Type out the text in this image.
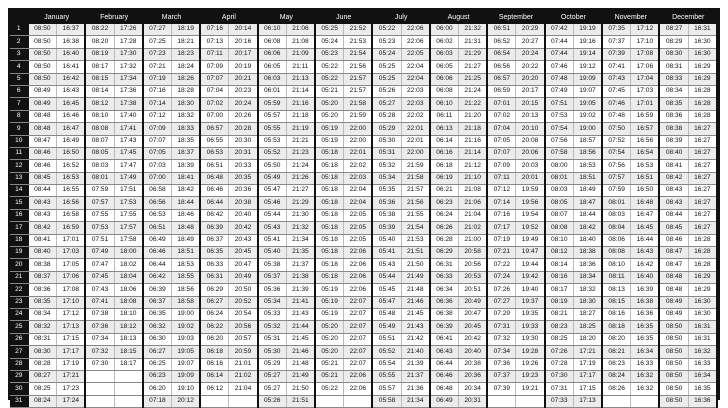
	January		February		March		April		May		June		July		August		September		October		November		December	
1	08:50	16:37	08:22	17:26	07:27	18:19	07:16	20:14	06:10	21:06	05:25	21:52	05:22	22:06	06:00	21:32	06:51	20:29	07:42	19:19	07:35	17:12	08:27	16:31
2	08:50	16:38	08:20	17:28	07:25	18:21	07:13	20:16	06:08	21:08	05:24	21:53	05:23	22:06	06:02	21:31	06:52	20:27	07:44	19:16	07:37	17:10	08:29	16:30
3	08:50	16:40	08:19	17:30	07:23	18:23	07:11	20:17	06:06	21:09	05:23	21:54	05:24	22:05	06:03	21:29	06:54	20:24	07:44	19:14	07:39	17:08	08:30	16:30
4	08:50	16:41	08:17	17:32	07:21	18:24	07:09	20:19	06:05	21:11	05:22	21:56	05:25	22:04	06:05	21:27	06:56	20:22	07:46	19:12	07:41	17:06	08:31	16:29
5	08:50	16:42	08:15	17:34	07:19	18:26	07:07	20:21	06:03	21:13	05:22	21:57	05:25	22:04	06:06	21:25	06:57	20:20	07:48	19:09	07:43	17:04	08:33	16:29
6	08:49	16:43	08:14	17:36	07:16	18:28	07:04	20:23	06:01	21:14	05:21	21:57	05:26	22:03	06:08	21:24	06:59	20:17	07:49	19:07	07:45	17:03	08:34	16:28
7	08:49	16:45	08:12	17:38	07:14	18:30	07:02	20:24	05:59	21:16	05:20	21:58	05:27	22:03	06:10	21:22	07:01	20:15	07:51	19:05	07:46	17:01	08:35	16:28
8	08:48	16:46	08:10	17:40	07:12	18:32	07:00	20:26	05:57	21:18	05:20	21:59	05:28	22:02	06:11	21:20	07:02	20:13	07:53	19:02	07:48	16:59	08:36	16:28
9	08:48	16:47	08:08	17:41	07:09	18:33	06:57	20:28	05:55	21:19	05:19	22:00	05:29	22:01	06:13	21:18	07:04	20:10	07:54	19:00	07:50	16:57	08:38	16:27
10	08:47	16:49	08:07	17:43	07:07	18:35	06:55	20:30	05:53	21:21	05:19	22:00	05:30	22:01	06:14	21:16	07:05	20:08	07:56	18:57	07:52	16:56	08:39	16:27
11	08:46	16:50	08:05	17:45	07:05	18:37	06:53	20:31	05:52	21:23	05:18	22:01	05:31	22:00	06:16	21:14	07:07	20:06	07:58	18:56	07:54	16:54	08:40	16:27
12	08:46	16:52	08:03	17:47	07:03	18:39	06:51	20:33	05:50	21:24	05:18	22:02	05:32	21:59	06:18	21:12	07:09	20:03	08:00	18:53	07:56	16:53	08:41	16:27
13	08:45	16:53	08:01	17:49	07:00	18:41	06:48	20:35	05:49	21:26	05:18	22:03	05:34	21:58	06:19	21:10	07:11	20:01	08:01	18:51	07:57	16:51	08:42	16:27
14	08:44	16:55	07:59	17:51	06:58	18:42	06:46	20:36	05:47	21:27	05:18	22:04	05:35	21:57	06:21	21:08	07:12	19:59	08:03	18:49	07:59	16:50	08:43	16:27
15	08:43	16:56	07:57	17:53	06:56	18:44	06:44	20:38	05:46	21:29	05:18	22:04	05:36	21:56	06:23	21:06	07:14	19:56	08:05	18:47	08:01	16:48	08:43	16:27
16	08:43	16:58	07:55	17:55	06:53	18:46	06:42	20:40	05:44	21:30	05:18	22:05	05:38	21:55	06:24	21:04	07:16	19:54	08:07	18:44	08:03	16:47	08:44	16:27
17	08:42	16:59	07:53	17:57	06:51	18:48	06:39	20:42	05:43	21:32	05:18	22:05	05:39	21:54	06:26	21:02	07:17	19:52	08:08	18:42	08:04	16:45	08:45	16:27
18	08:41	17:01	07:51	17:58	06:49	18:49	06:37	20:43	05:41	21:34	05:18	22:05	05:40	21:53	06:28	21:00	07:19	19:49	08:10	18:40	08:06	16:44	08:46	16:28
19	08:40	17:03	07:49	18:00	06:46	18:51	06:35	20:45	05:40	21:35	05:18	22:06	05:41	21:51	06:29	20:58	07:21	19:47	08:12	18:38	08:08	16:43	08:47	16:28
20	08:38	17:05	07:47	18:02	06:44	18:53	06:33	20:47	05:38	21:37	05:18	22:06	05:43	21:50	06:31	20:56	07:22	19:44	08:14	18:36	08:10	16:42	08:47	16:28
21	08:37	17:06	07:45	18:04	06:42	18:55	06:31	20:49	05:37	21:38	05:18	22:06	05:44	21:49	06:33	20:53	07:24	19:42	08:16	18:34	08:11	16:40	08:48	16:29
22	08:36	17:08	07:43	18:06	06:39	18:56	06:29	20:50	05:36	21:39	05:19	22:06	05:45	21:48	06:34	20:51	07:26	19:40	08:17	18:32	08:13	16:39	08:48	16:29
23	08:35	17:10	07:41	18:08	06:37	18:58	06:27	20:52	05:34	21:41	05:19	22:07	05:47	21:46	06:36	20:49	07:27	19:37	08:19	18:30	08:15	16:38	08:49	16:30
24	08:34	17:12	07:38	18:10	06:35	19:00	06:24	20:54	05:33	21:43	05:19	22:07	05:48	21:45	06:38	20:47	07:29	19:35	08:21	18:27	08:16	16:36	08:49	16:30
25	08:32	17:13	07:36	18:12	06:32	19:02	06:22	20:56	05:32	21:44	05:20	22:07	05:49	21:43	06:39	20:45	07:31	19:33	08:23	18:25	08:18	16:35	08:50	16:31
26	08:31	17:15	07:34	18:13	06:30	19:03	06:20	20:57	05:31	21:45	05:20	22:07	05:51	21:42	06:41	20:42	07:32	19:30	08:25	18:20	08:20	16:35	08:50	16:31
27	08:30	17:17	07:32	18:15	06:27	19:05	06:18	20:59	05:30	21:46	05:20	22:07	05:52	21:40	06:43	20:40	07:34	19:28	07:26	17:21	08:21	16:34	08:50	16:32
28	08:28	17:19	07:30	18:17	06:25	19:07	06:16	21:01	05:29	21:48	05:21	22:07	05:54	21:39	06:44	20:38	07:36	19:26	07:28	17:19	08:23	16:33	08:50	16:33
29	08:27	17:21			06:23	19:09	06:14	21:02	05:27	21:49	05:21	22:06	05:55	21:37	06:46	20:36	07:37	19:23	07:30	17:17	08:24	16:32	08:50	16:34
30	08:25	17:23			06:20	19:10	06:12	21:04	05:27	21:50	05:22	22:06	05:57	21:36	06:48	20:34	07:39	19:21	07:31	17:15	08:26	16:32	08:50	16:35
31	08:24	17:24			07:18	20:12			05:26	21:51			05:58	21:34	06:49	20:31			07:33	17:13			08:50	16:36
